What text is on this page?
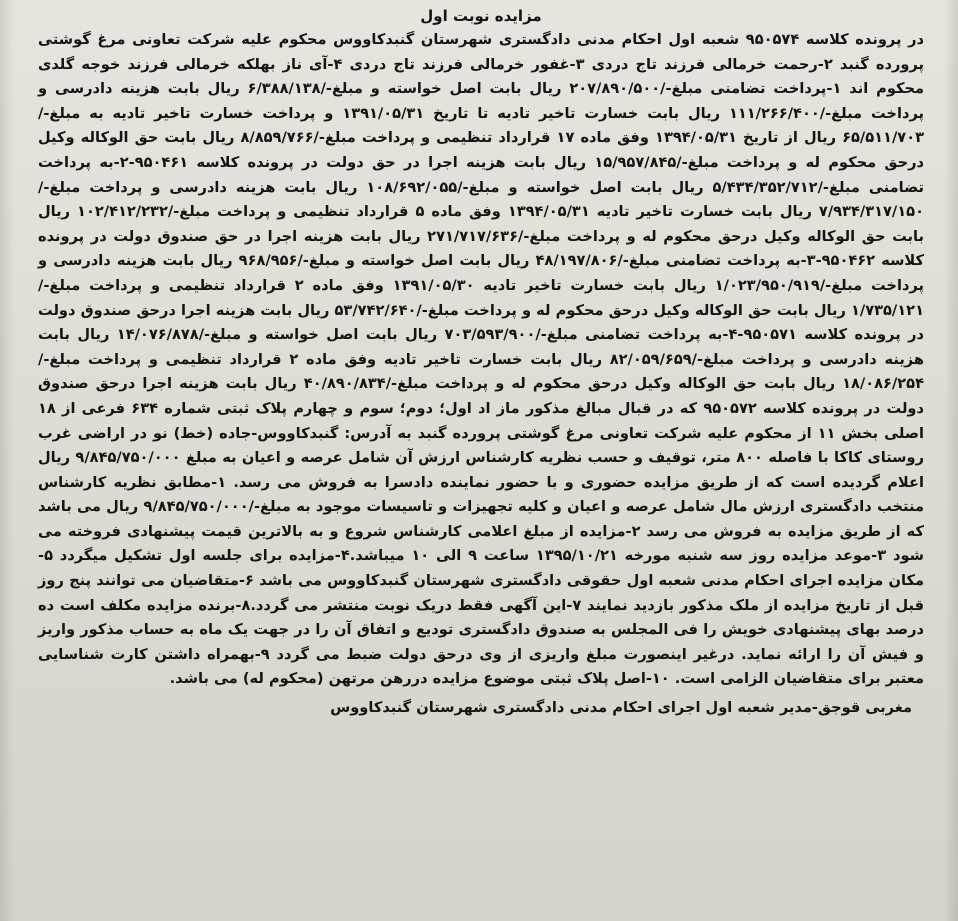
مزایده نوبت اول

در پرونده کلاسه ۹۵۰۵۷۴ شعبه اول احکام مدنی دادگستری شهرستان گنبدکاووس محکوم علیه شرکت تعاونی مرغ گوشتی پرورده گنبد ۲-رحمت خرمالی فرزند تاج دردی ۳-غفور خرمالی فرزند تاج دردی ۴-آی ناز بهلکه خرمالی فرزند خوجه گلدی محکوم اند ۱-پرداخت تضامنی مبلغ-/۲۰۷/۸۹۰/۵۰۰ ریال بابت اصل خواسته و مبلغ-/۶/۳۸۸/۱۳۸ ریال بابت هزینه دادرسی و پرداخت مبلغ-/۱۱۱/۲۶۶/۴۰۰ ریال بابت خسارت تاخیر تادیه تا تاریخ ۱۳۹۱/۰۵/۳۱ و پرداخت خسارت تاخیر تادیه به مبلغ-/۶۵/۵۱۱/۷۰۳ ریال از تاریخ ۱۳۹۴/۰۵/۳۱ وفق ماده ۱۷ قرارداد تنظیمی و پرداخت مبلغ-/۸/۸۵۹/۷۶۶ ریال بابت حق الوکاله وکیل درحق محکوم له و پرداخت مبلغ-/۱۵/۹۵۷/۸۴۵ ریال بابت هزینه اجرا در حق دولت در پرونده کلاسه ۹۵۰۴۶۱-۲-به پرداخت تضامنی مبلغ-/۵/۴۳۴/۳۵۲/۷۱۲ ریال بابت اصل خواسته و مبلغ-/۱۰۸/۶۹۲/۰۵۵ ریال بابت هزینه دادرسی و پرداخت مبلغ-/۷/۹۳۴/۳۱۷/۱۵۰ ریال بابت خسارت تاخیر تادیه ۱۳۹۴/۰۵/۳۱ وفق ماده ۵ قرارداد تنظیمی و پرداخت مبلغ-/۱۰۲/۴۱۲/۲۳۲ ریال بابت حق الوکاله وکیل درحق محکوم له و پرداخت مبلغ-/۲۷۱/۷۱۷/۶۳۶ ریال بابت هزینه اجرا در حق صندوق دولت در پرونده کلاسه ۹۵۰۴۶۲-۳-به پرداخت تضامنی مبلغ-/۴۸/۱۹۷/۸۰۶ ریال بابت اصل خواسته و مبلغ-/۹۶۸/۹۵۶ ریال بابت هزینه دادرسی و پرداخت مبلغ-/۱/۰۲۳/۹۵۰/۹۱۹ ریال بابت خسارت تاخیر تادیه ۱۳۹۱/۰۵/۳۰ وفق ماده ۲ قرارداد تنظیمی و پرداخت مبلغ-/۱/۷۳۵/۱۲۱ ریال بابت حق الوکاله وکیل درحق محکوم له و پرداخت مبلغ-/۵۳/۷۴۲/۶۴۰ ریال بابت هزینه اجرا درحق صندوق دولت در پرونده کلاسه ۹۵۰۵۷۱-۴-به پرداخت تضامنی مبلغ-/۷۰۳/۵۹۳/۹۰۰ ریال بابت اصل خواسته و مبلغ-/۱۴/۰۷۶/۸۷۸ ریال بابت هزینه دادرسی و پرداخت مبلغ-/۸۲/۰۵۹/۶۵۹ ریال بابت خسارت تاخیر تادیه وفق ماده ۲ قرارداد تنظیمی و پرداخت مبلغ-/۱۸/۰۸۶/۲۵۴ ریال بابت حق الوکاله وکیل درحق محکوم له و پرداخت مبلغ-/۴۰/۸۹۰/۸۳۴ ریال بابت هزینه اجرا درحق صندوق دولت در پرونده کلاسه ۹۵۰۵۷۲ که در قبال مبالغ مذکور ماز اد اول؛ دوم؛ سوم و چهارم پلاک ثبتی شماره ۶۳۴ فرعی از ۱۸ اصلی بخش ۱۱ از محکوم علیه شرکت تعاونی مرغ گوشتی پرورده گنبد به آدرس: گنبدکاووس-جاده (خط) نو در اراضی غرب روستای کاکا با فاصله ۸۰۰ متر، توقیف و حسب نظریه کارشناس ارزش آن شامل عرصه و اعیان به مبلغ ۹/۸۴۵/۷۵۰/۰۰۰ ریال اعلام گردیده است که از طریق مزایده حضوری و با حضور نماینده دادسرا به فروش می رسد. ۱-مطابق نظریه کارشناس منتخب دادگستری ارزش مال شامل عرصه و اعیان و کلیه تجهیزات و تاسیسات موجود به مبلغ-/۹/۸۴۵/۷۵۰/۰۰۰ ریال می باشد که از طریق مزایده به فروش می رسد ۲-مزایده از مبلغ اعلامی کارشناس شروع و به بالاترین قیمت پیشنهادی فروخته می شود ۳-موعد مزایده روز سه شنبه مورخه ۱۳۹۵/۱۰/۲۱ ساعت ۹ الی ۱۰ میباشد.۴-مزایده برای جلسه اول تشکیل میگردد ۵-مکان مزایده اجرای احکام مدنی شعبه اول حقوقی دادگستری شهرستان گنبدکاووس می باشد ۶-متقاضیان می توانند پنج روز قبل از تاریخ مزایده از ملک مذکور بازدید نمایند ۷-این آگهی فقط دریک نوبت منتشر می گردد.۸-برنده مزایده مکلف است ده درصد بهای پیشنهادی خویش را فی المجلس به صندوق دادگستری تودیع و اتفاق آن را در جهت یک ماه به حساب مذکور واریز و فیش آن را ارائه نماید. درغیر اینصورت مبلغ واریزی از وی درحق دولت ضبط می گردد ۹-بهمراه داشتن کارت شناسایی معتبر برای متقاضیان الزامی است. ۱۰-اصل پلاک ثبتی موضوع مزایده دررهن مرتهن (محکوم له) می باشد.

مغربی قوجق-مدیر شعبه اول اجرای احکام مدنی دادگستری شهرستان گنبدکاووس
